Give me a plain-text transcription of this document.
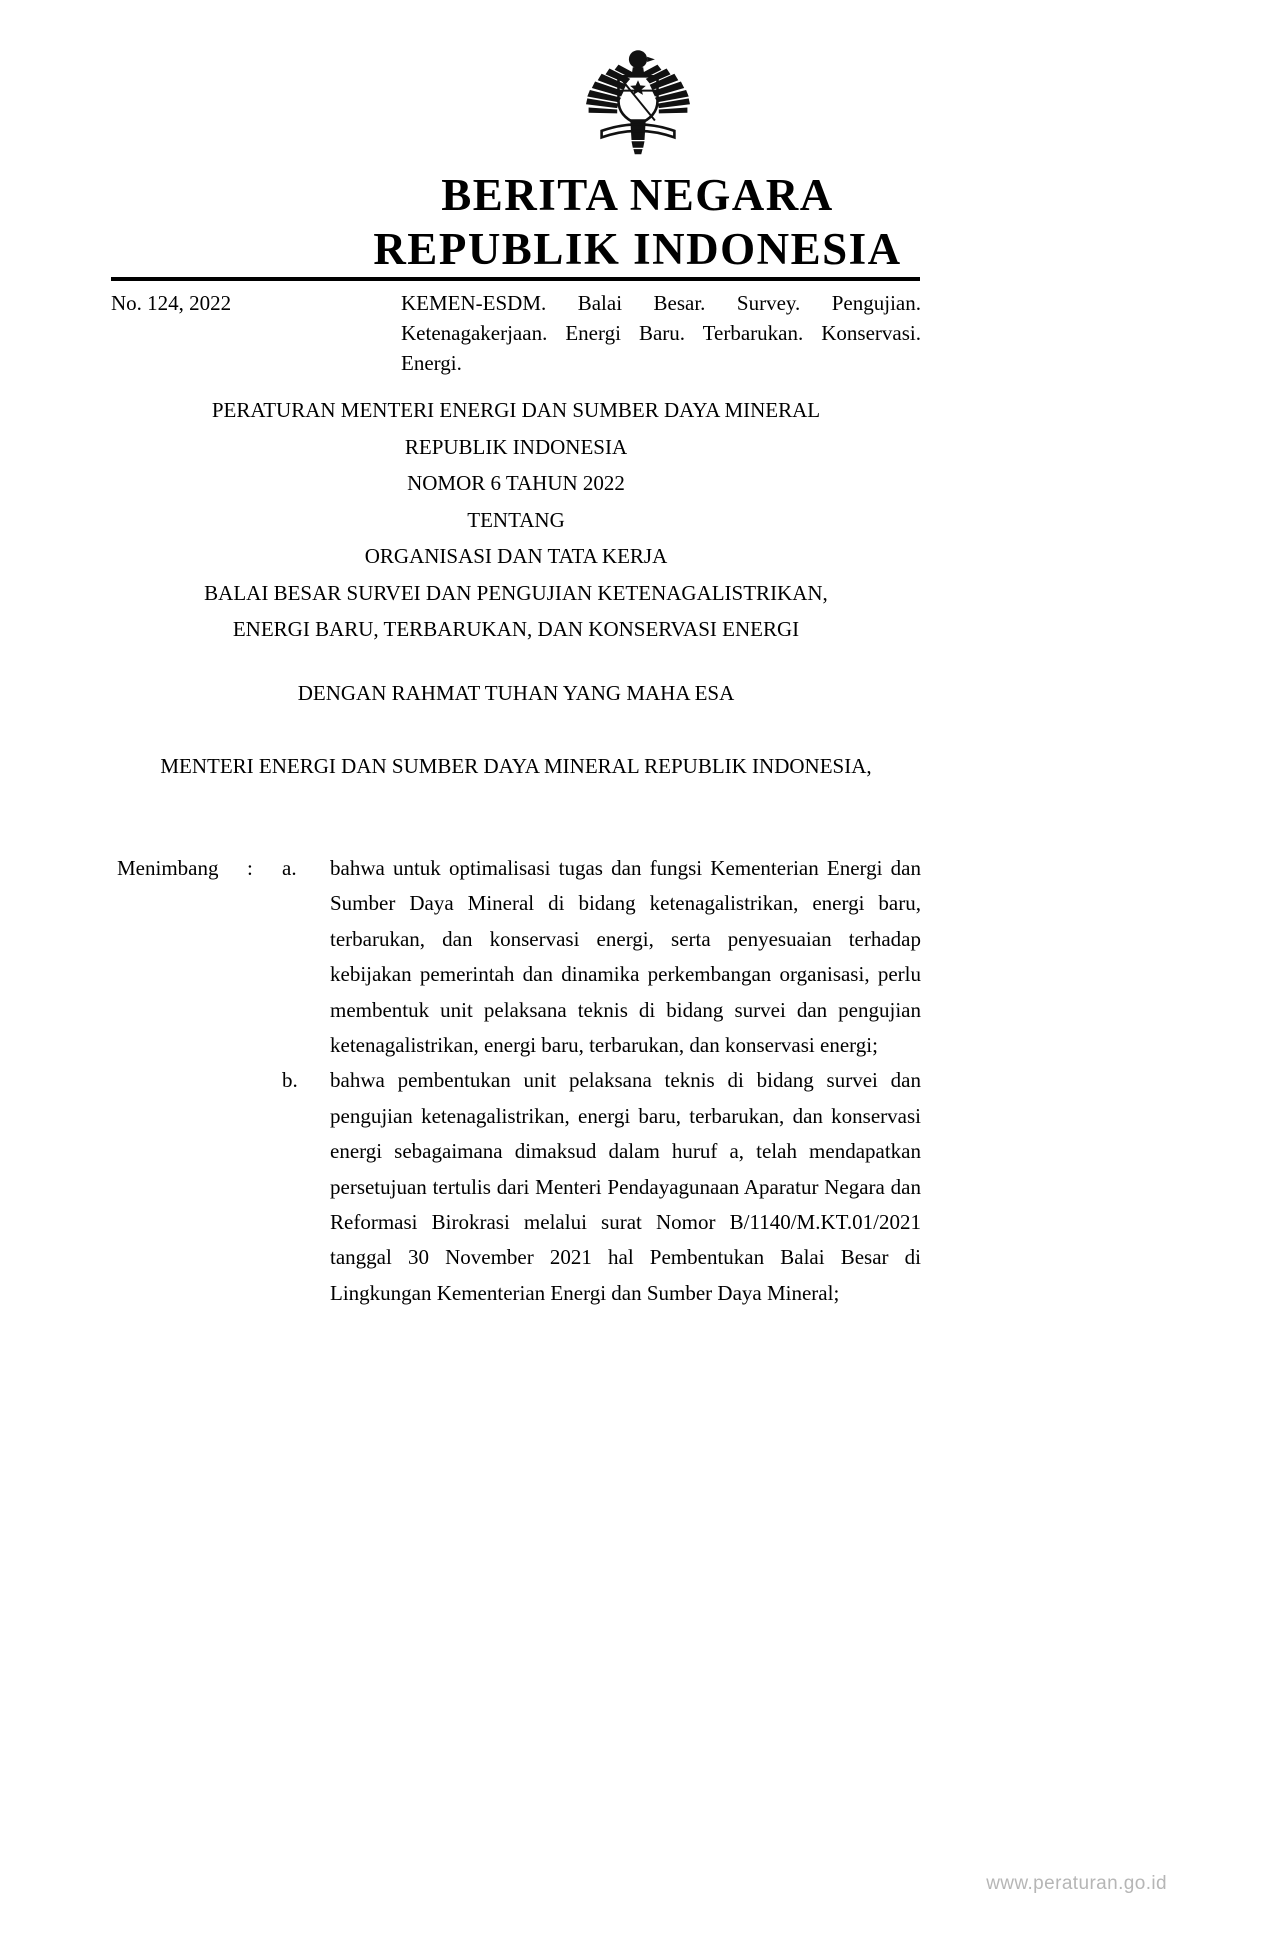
BERITA NEGARA
REPUBLIK INDONESIA
No. 124, 2022	KEMEN-ESDM. Balai Besar. Survey. Pengujian. Ketenagakerjaan. Energi Baru. Terbarukan. Konservasi. Energi.
PERATURAN MENTERI ENERGI DAN SUMBER DAYA MINERAL
REPUBLIK INDONESIA
NOMOR 6 TAHUN 2022
TENTANG
ORGANISASI DAN TATA KERJA
BALAI BESAR SURVEI DAN PENGUJIAN KETENAGALISTRIKAN,
ENERGI BARU, TERBARUKAN, DAN KONSERVASI ENERGI
DENGAN RAHMAT TUHAN YANG MAHA ESA
MENTERI ENERGI DAN SUMBER DAYA MINERAL REPUBLIK INDONESIA,
Menimbang : a. bahwa untuk optimalisasi tugas dan fungsi Kementerian Energi dan Sumber Daya Mineral di bidang ketenagalistrikan, energi baru, terbarukan, dan konservasi energi, serta penyesuaian terhadap kebijakan pemerintah dan dinamika perkembangan organisasi, perlu membentuk unit pelaksana teknis di bidang survei dan pengujian ketenagalistrikan, energi baru, terbarukan, dan konservasi energi;
b. bahwa pembentukan unit pelaksana teknis di bidang survei dan pengujian ketenagalistrikan, energi baru, terbarukan, dan konservasi energi sebagaimana dimaksud dalam huruf a, telah mendapatkan persetujuan tertulis dari Menteri Pendayagunaan Aparatur Negara dan Reformasi Birokrasi melalui surat Nomor B/1140/M.KT.01/2021 tanggal 30 November 2021 hal Pembentukan Balai Besar di Lingkungan Kementerian Energi dan Sumber Daya Mineral;
www.peraturan.go.id
